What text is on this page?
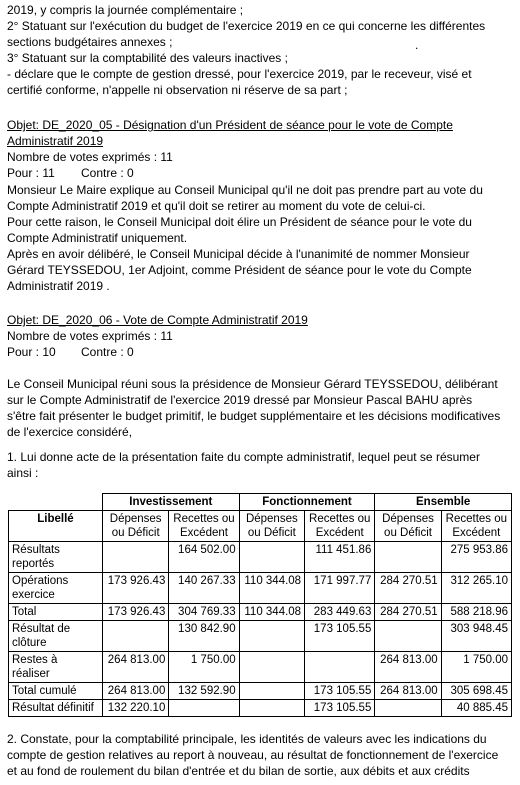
2019, y compris la journée complémentaire ;
2° Statuant sur l'exécution du budget de l'exercice 2019 en ce qui concerne les différentes
sections budgétaires annexes ;
3° Statuant sur la comptabilité des valeurs inactives ;
- déclare que le compte de gestion dressé, pour l'exercice 2019, par le receveur, visé et
certifié conforme, n'appelle ni observation ni réserve de sa part ;
.
Objet: DE_2020_05 - Désignation d'un Président de séance pour le vote de Compte
Administratif 2019
Nombre de votes exprimés : 11
Pour : 11 Contre : 0
Monsieur Le Maire explique au Conseil Municipal qu'il ne doit pas prendre part au vote du
Compte Administratif 2019 et qu'il doit se retirer au moment du vote de celui-ci.
Pour cette raison, le Conseil Municipal doit élire un Président de séance pour le vote du
Compte Administratif uniquement.
Après en avoir délibéré, le Conseil Municipal décide à l'unanimité de nommer Monsieur
Gérard TEYSSEDOU, 1er Adjoint, comme Président de séance pour le vote du Compte
Administratif 2019 .
Objet: DE_2020_06 - Vote de Compte Administratif 2019
Nombre de votes exprimés : 11
Pour : 10 Contre : 0
Le Conseil Municipal réuni sous la présidence de Monsieur Gérard TEYSSEDOU, délibérant
sur le Compte Administratif de l'exercice 2019 dressé par Monsieur Pascal BAHU après
s'être fait présenter le budget primitif, le budget supplémentaire et les décisions modificatives
de l'exercice considéré,
1. Lui donne acte de la présentation faite du compte administratif, lequel peut se résumer
ainsi :
	Investissement		Fonctionnement		Ensemble	
Libellé	Dépenses
ou Déficit	Recettes ou
Excédent	Dépenses
ou Déficit	Recettes ou
Excédent	Dépenses
ou Déficit	Recettes ou
Excédent
Résultats
reportés		164 502.00		111 451.86		275 953.86
Opérations
exercice	173 926.43	140 267.33	110 344.08	171 997.77	284 270.51	312 265.10
Total	173 926.43	304 769.33	110 344.08	283 449.63	284 270.51	588 218.96
Résultat de
clôture		130 842.90		173 105.55		303 948.45
Restes à
réaliser	264 813.00	1 750.00			264 813.00	1 750.00
Total cumulé	264 813.00	132 592.90		173 105.55	264 813.00	305 698.45
Résultat définitif	132 220.10			173 105.55		40 885.45
2. Constate, pour la comptabilité principale, les identités de valeurs avec les indications du
compte de gestion relatives au report à nouveau, au résultat de fonctionnement de l'exercice
et au fond de roulement du bilan d'entrée et du bilan de sortie, aux débits et aux crédits
